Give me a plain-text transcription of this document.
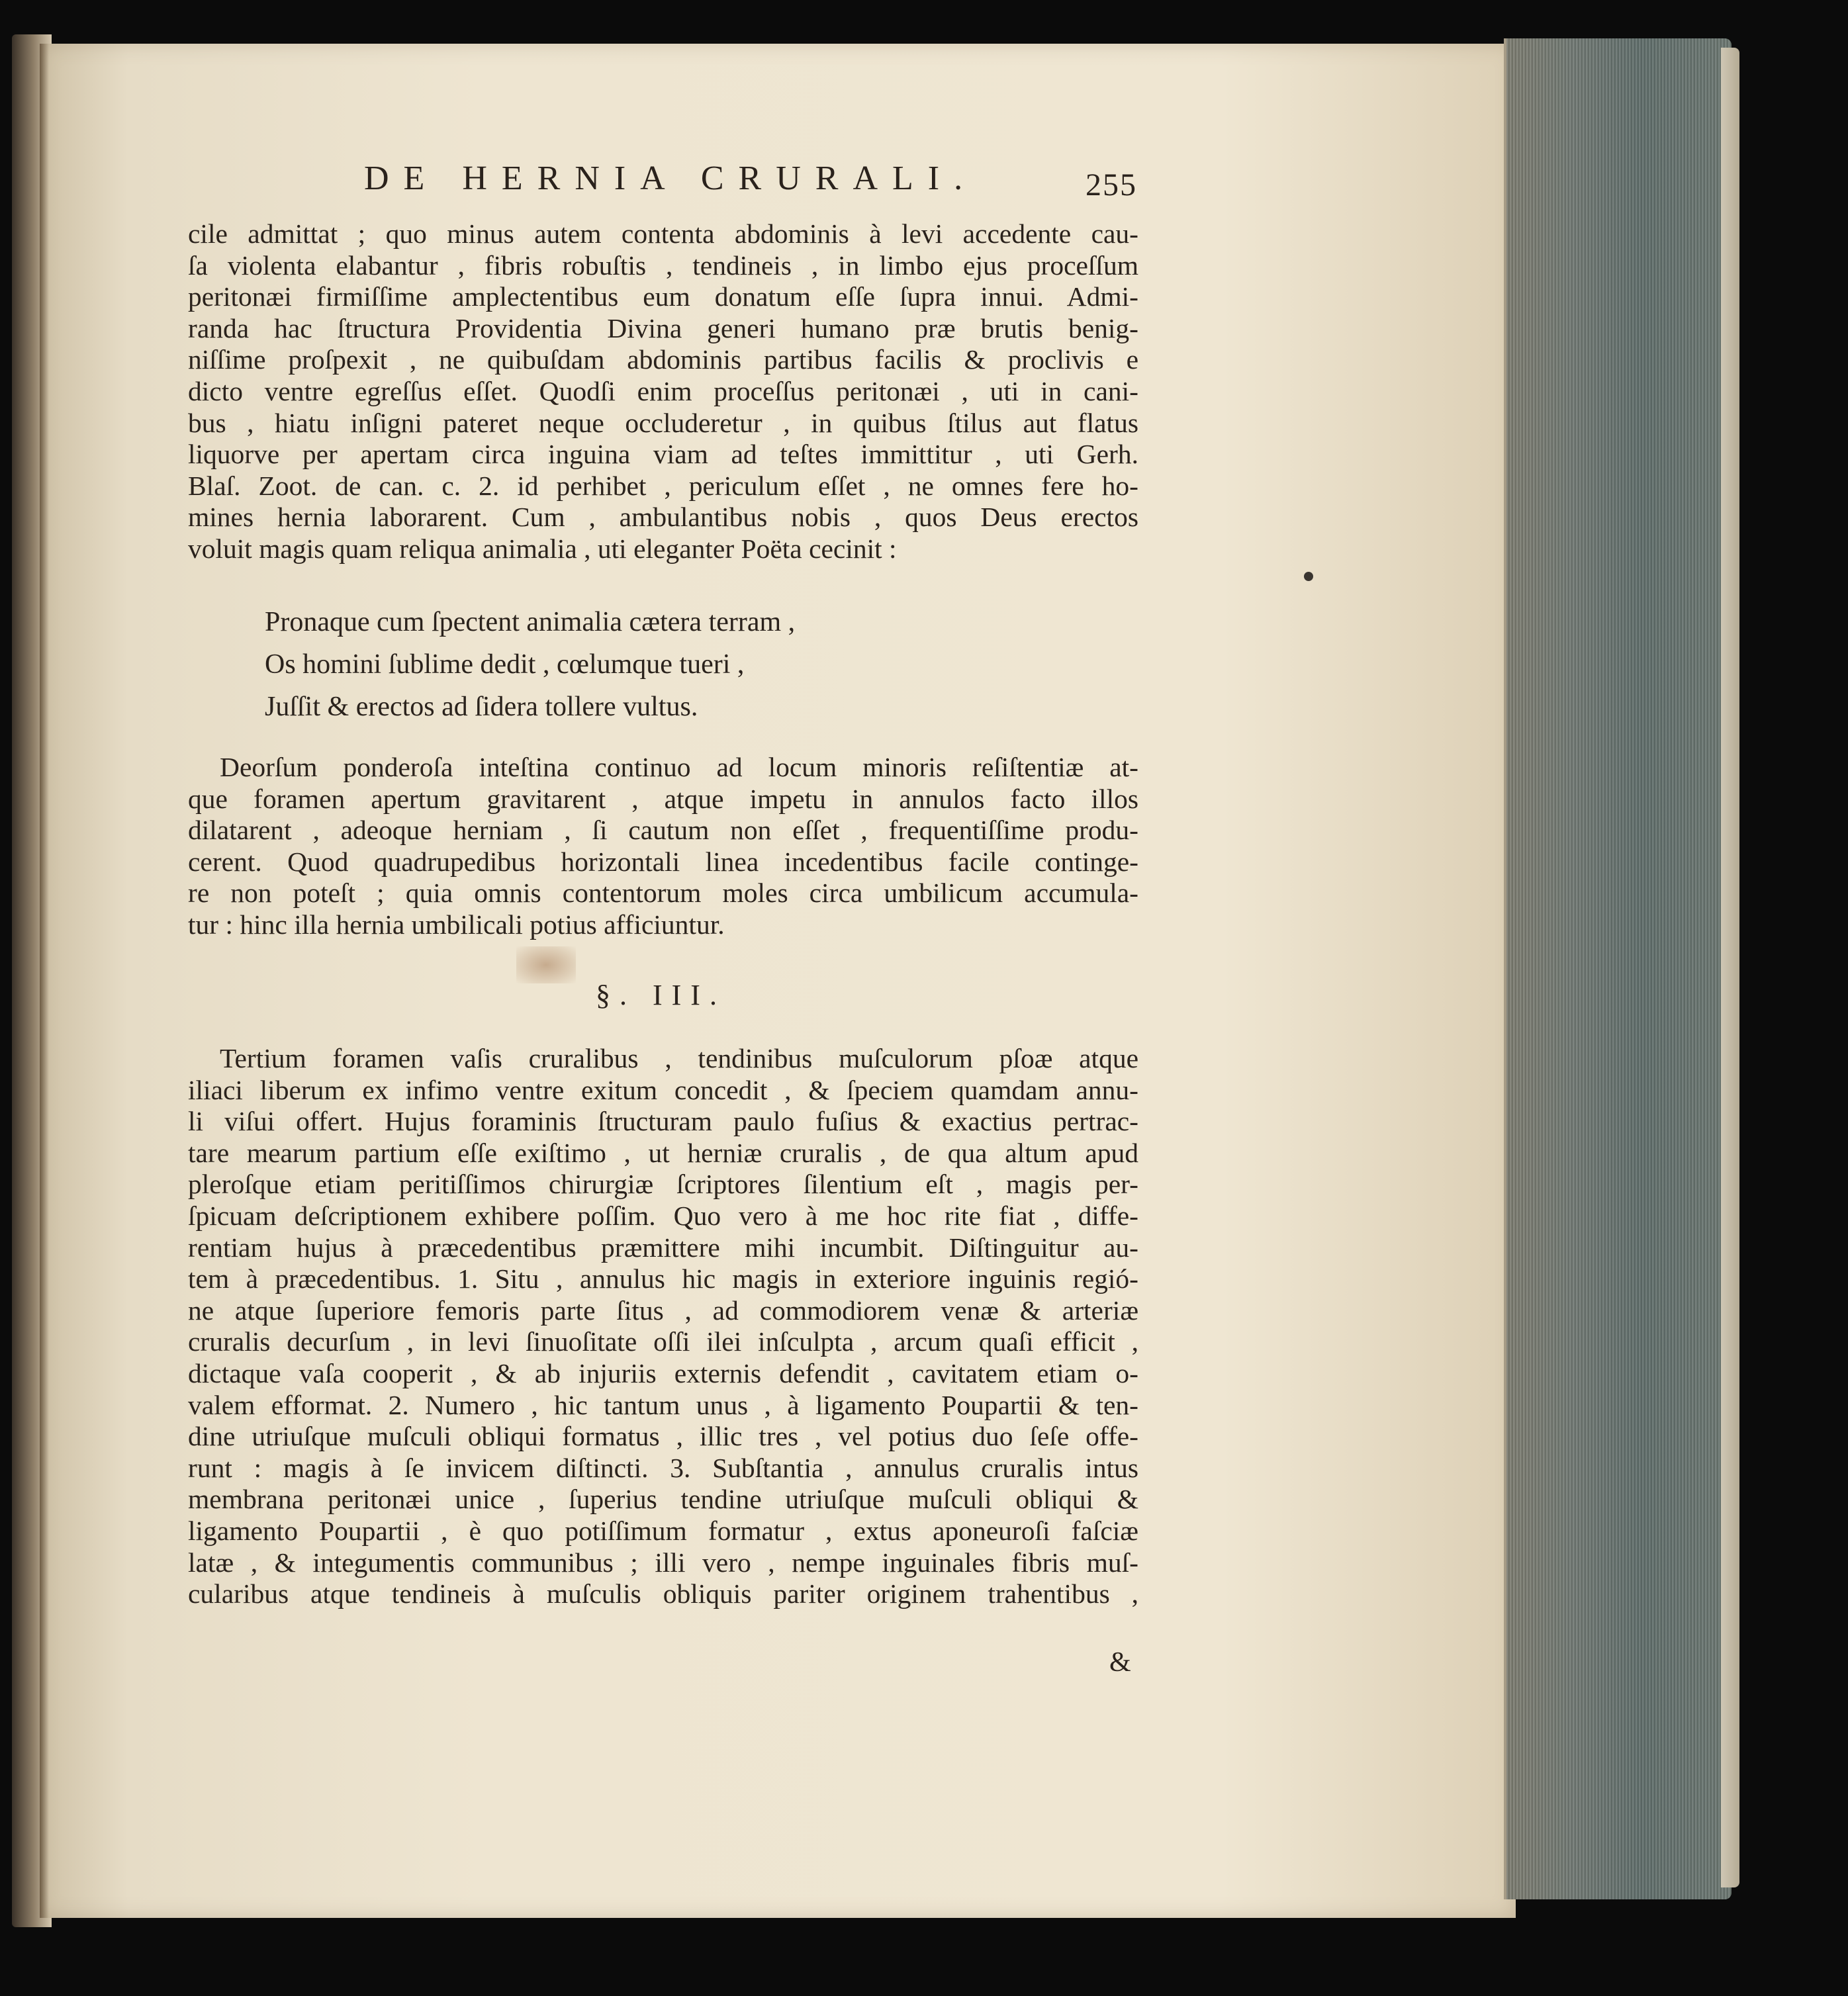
DE HERNIA CRURALI.	255
cile admittat ; quo minus autem contenta abdominis à levi accedente cau-
ſa violenta elabantur , fibris robuſtis , tendineis , in limbo ejus proceſſum
peritonæi firmiſſime amplectentibus eum donatum eſſe ſupra innui. Admi-
randa hac ſtructura Providentia Divina generi humano præ brutis benig-
niſſime proſpexit , ne quibuſdam abdominis partibus facilis & proclivis e
dicto ventre egreſſus eſſet. Quodſi enim proceſſus peritonæi , uti in cani-
bus , hiatu inſigni pateret neque occluderetur , in quibus ſtilus aut flatus
liquorve per apertam circa inguina viam ad teſtes immittitur , uti Gerh.
Blaſ. Zoot. de can. c. 2. id perhibet , periculum eſſet , ne omnes fere ho-
mines hernia laborarent. Cum , ambulantibus nobis , quos Deus erectos
voluit magis quam reliqua animalia , uti eleganter Poëta cecinit :
Pronaque cum ſpectent animalia cætera terram ,
Os homini ſublime dedit , cœlumque tueri ,
Juſſit & erectos ad ſidera tollere vultus.
Deorſum ponderoſa inteſtina continuo ad locum minoris reſiſtentiæ at-
que foramen apertum gravitarent , atque impetu in annulos facto illos
dilatarent , adeoque herniam , ſi cautum non eſſet , frequentiſſime produ-
cerent. Quod quadrupedibus horizontali linea incedentibus facile continge-
re non poteſt ; quia omnis contentorum moles circa umbilicum accumula-
tur : hinc illa hernia umbilicali potius afficiuntur.
§. III.
Tertium foramen vaſis cruralibus , tendinibus muſculorum pſoæ atque
iliaci liberum ex infimo ventre exitum concedit , & ſpeciem quamdam annu-
li viſui offert. Hujus foraminis ſtructuram paulo fuſius & exactius pertrac-
tare mearum partium eſſe exiſtimo , ut herniæ cruralis , de qua altum apud
pleroſque etiam peritiſſimos chirurgiæ ſcriptores ſilentium eſt , magis per-
ſpicuam deſcriptionem exhibere poſſim. Quo vero à me hoc rite fiat , diffe-
rentiam hujus à præcedentibus præmittere mihi incumbit. Diſtinguitur au-
tem à præcedentibus. 1. Situ , annulus hic magis in exteriore inguinis regió-
ne atque ſuperiore femoris parte ſitus , ad commodiorem venæ & arteriæ
cruralis decurſum , in levi ſinuoſitate oſſi ilei inſculpta , arcum quaſi efficit ,
dictaque vaſa cooperit , & ab injuriis externis defendit , cavitatem etiam o-
valem efformat. 2. Numero , hic tantum unus , à ligamento Poupartii & ten-
dine utriuſque muſculi obliqui formatus , illic tres , vel potius duo ſeſe offe-
runt : magis à ſe invicem diſtincti. 3. Subſtantia , annulus cruralis intus
membrana peritonæi unice , ſuperius tendine utriuſque muſculi obliqui &
ligamento Poupartii , è quo potiſſimum formatur , extus aponeuroſi faſciæ
latæ , & integumentis communibus ; illi vero , nempe inguinales fibris muſ-
cularibus atque tendineis à muſculis obliquis pariter originem trahentibus ,
&
